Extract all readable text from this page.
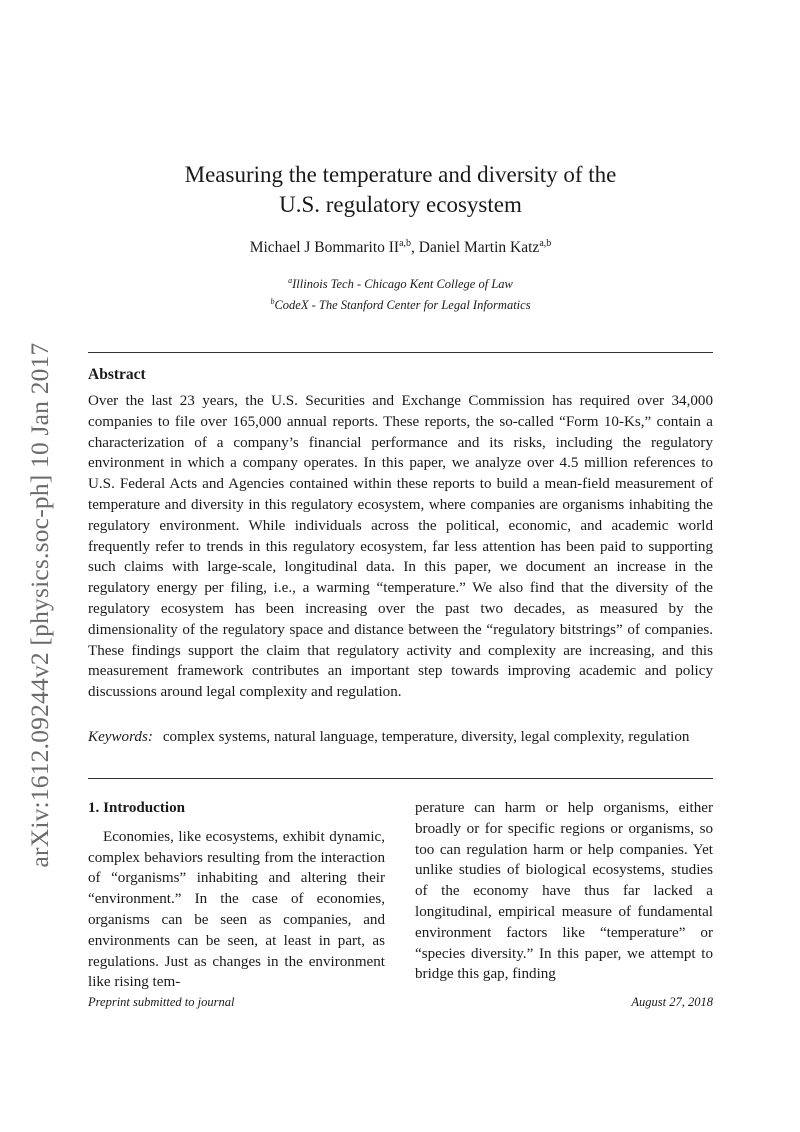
arXiv:1612.09244v2 [physics.soc-ph] 10 Jan 2017
Measuring the temperature and diversity of the
U.S. regulatory ecosystem
Michael J Bommarito II$^{a,b}$, Daniel Martin Katz$^{a,b}$
$^a$Illinois Tech - Chicago Kent College of Law
$^b$CodeX - The Stanford Center for Legal Informatics
Abstract
Over the last 23 years, the U.S. Securities and Exchange Commission has required over 34,000 companies to file over 165,000 annual reports. These reports, the so-called “Form 10-Ks,” contain a characterization of a company’s financial performance and its risks, including the regulatory environment in which a company operates. In this paper, we analyze over 4.5 million references to U.S. Federal Acts and Agencies contained within these reports to build a mean-field measurement of temperature and diversity in this regulatory ecosystem, where companies are organisms inhabiting the regulatory environment. While individuals across the political, economic, and academic world frequently refer to trends in this regulatory ecosystem, far less attention has been paid to supporting such claims with large-scale, longitudinal data. In this paper, we document an increase in the regulatory energy per filing, i.e., a warming “temperature.” We also find that the diversity of the regulatory ecosystem has been increasing over the past two decades, as measured by the dimensionality of the regulatory space and distance between the “regulatory bitstrings” of companies. These findings support the claim that regulatory activity and complexity are increasing, and this measurement framework contributes an important step towards improving academic and policy discussions around legal complexity and regulation.
Keywords: complex systems, natural language, temperature, diversity, legal complexity, regulation
1. Introduction

Economies, like ecosystems, exhibit dynamic, complex behaviors resulting from the interaction of “organisms” inhabiting and altering their “environment.” In the case of economies, organisms can be seen as companies, and environments can be seen, at least in part, as regulations. Just as changes in the environment like rising tem-

perature can harm or help organisms, either broadly or for specific regions or organisms, so too can regulation harm or help companies. Yet unlike studies of biological ecosystems, studies of the economy have thus far lacked a longitudinal, empirical measure of fundamental environment factors like “temperature” or “species diversity.” In this paper, we attempt to bridge this gap, finding

Preprint submitted to journal	August 27, 2018
